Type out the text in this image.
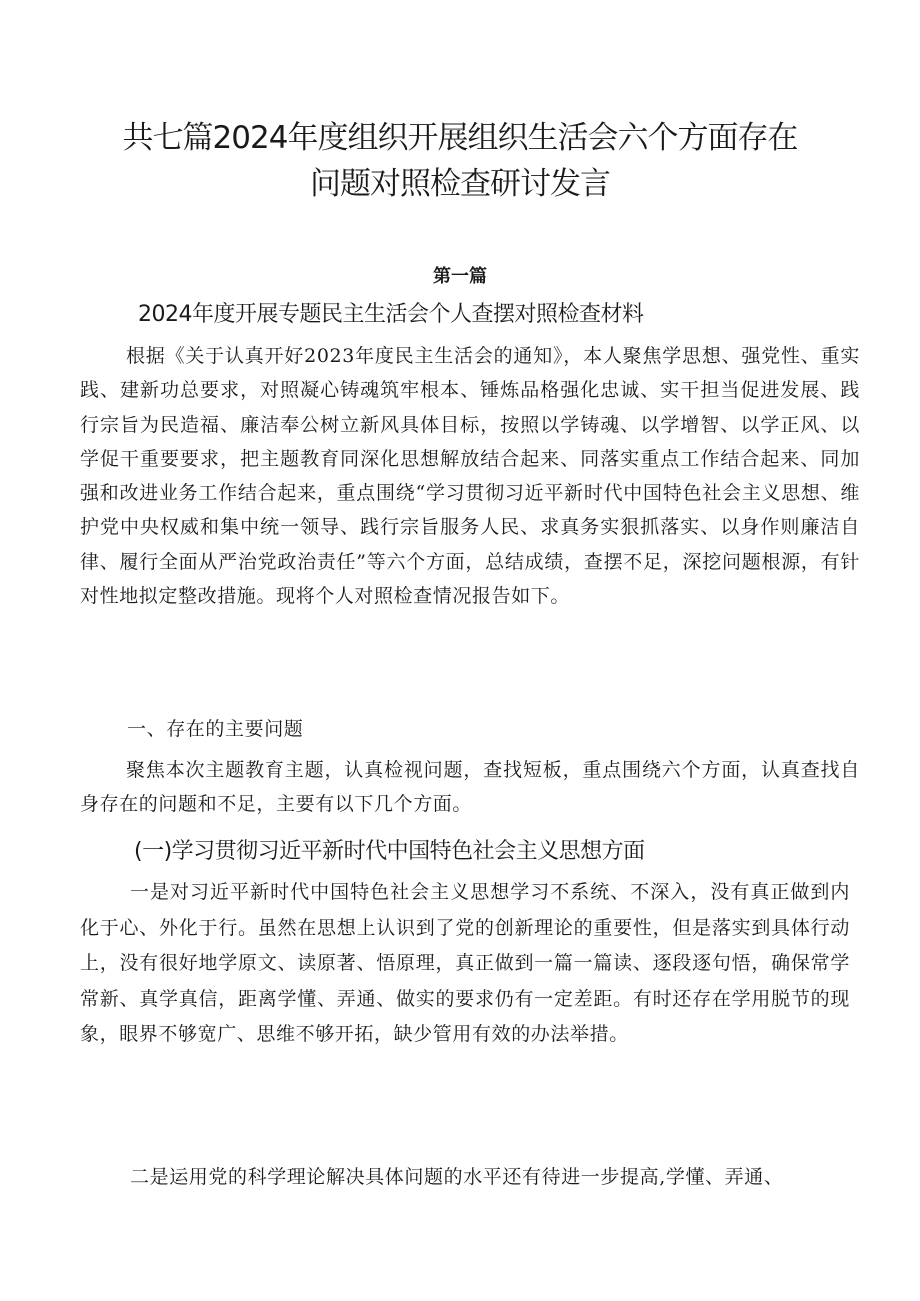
共七篇2024年度组织开展组织生活会六个方面存在
问题对照检查研讨发言
第一篇
2024年度开展专题民主生活会个人查摆对照检查材料
根据《关于认真开好2023年度民主生活会的通知》，本人聚焦学思想、强党性、重实践、建新功总要求，对照凝心铸魂筑牢根本、锤炼品格强化忠诚、实干担当促进发展、践行宗旨为民造福、廉洁奉公树立新风具体目标，按照以学铸魂、以学增智、以学正风、以学促干重要要求，把主题教育同深化思想解放结合起来、同落实重点工作结合起来、同加强和改进业务工作结合起来，重点围绕“学习贯彻习近平新时代中国特色社会主义思想、维护党中央权威和集中统一领导、践行宗旨服务人民、求真务实狠抓落实、以身作则廉洁自律、履行全面从严治党政治责任”等六个方面，总结成绩，查摆不足，深挖问题根源，有针对性地拟定整改措施。现将个人对照检查情况报告如下。
一、存在的主要问题
聚焦本次主题教育主题，认真检视问题，查找短板，重点围绕六个方面，认真查找自身存在的问题和不足，主要有以下几个方面。
(一)学习贯彻习近平新时代中国特色社会主义思想方面
一是对习近平新时代中国特色社会主义思想学习不系统、不深入，没有真正做到内化于心、外化于行。虽然在思想上认识到了党的创新理论的重要性，但是落实到具体行动上，没有很好地学原文、读原著、悟原理，真正做到一篇一篇读、逐段逐句悟，确保常学常新、真学真信，距离学懂、弄通、做实的要求仍有一定差距。有时还存在学用脱节的现象，眼界不够宽广、思维不够开拓，缺少管用有效的办法举措。
二是运用党的科学理论解决具体问题的水平还有待进一步提高,学懂、弄通、
